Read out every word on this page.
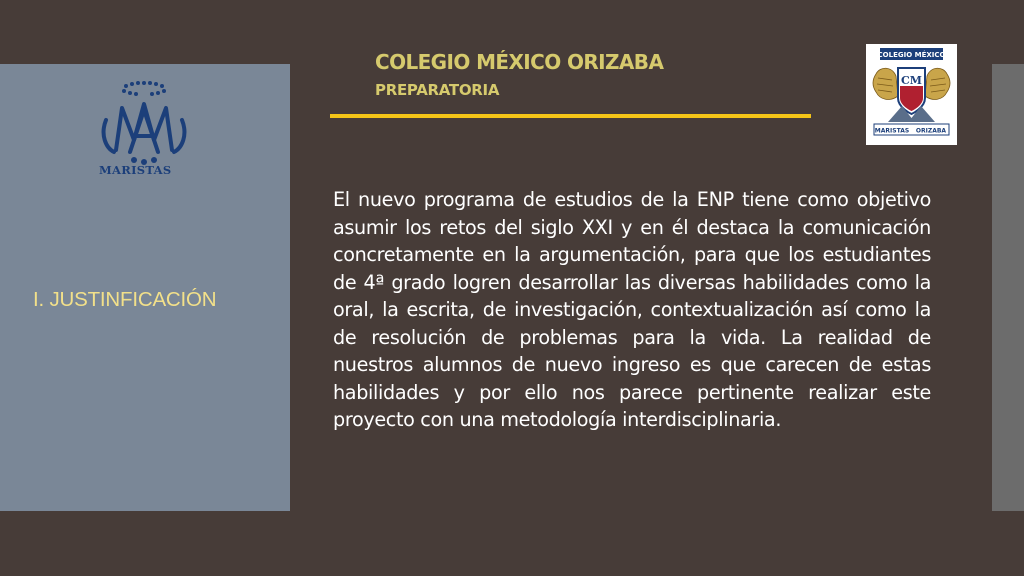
MARISTAS
I. JUSTINFICACIÓN
COLEGIO MÉXICO ORIZABA
PREPARATORIA
COLEGIO MÉXICO
CM
MARISTAS ORIZABA
El nuevo programa de estudios de la ENP tiene como objetivo asumir los retos del siglo XXI y en él destaca la comunicación concretamente en la argumentación, para que los estudiantes de 4ª grado logren desarrollar las diversas habilidades como la oral, la escrita, de investigación, contextualización así como la de resolución de problemas para la vida. La realidad de nuestros alumnos de nuevo ingreso es que carecen de estas habilidades y por ello nos parece pertinente realizar este proyecto con una metodología interdisciplinaria.
